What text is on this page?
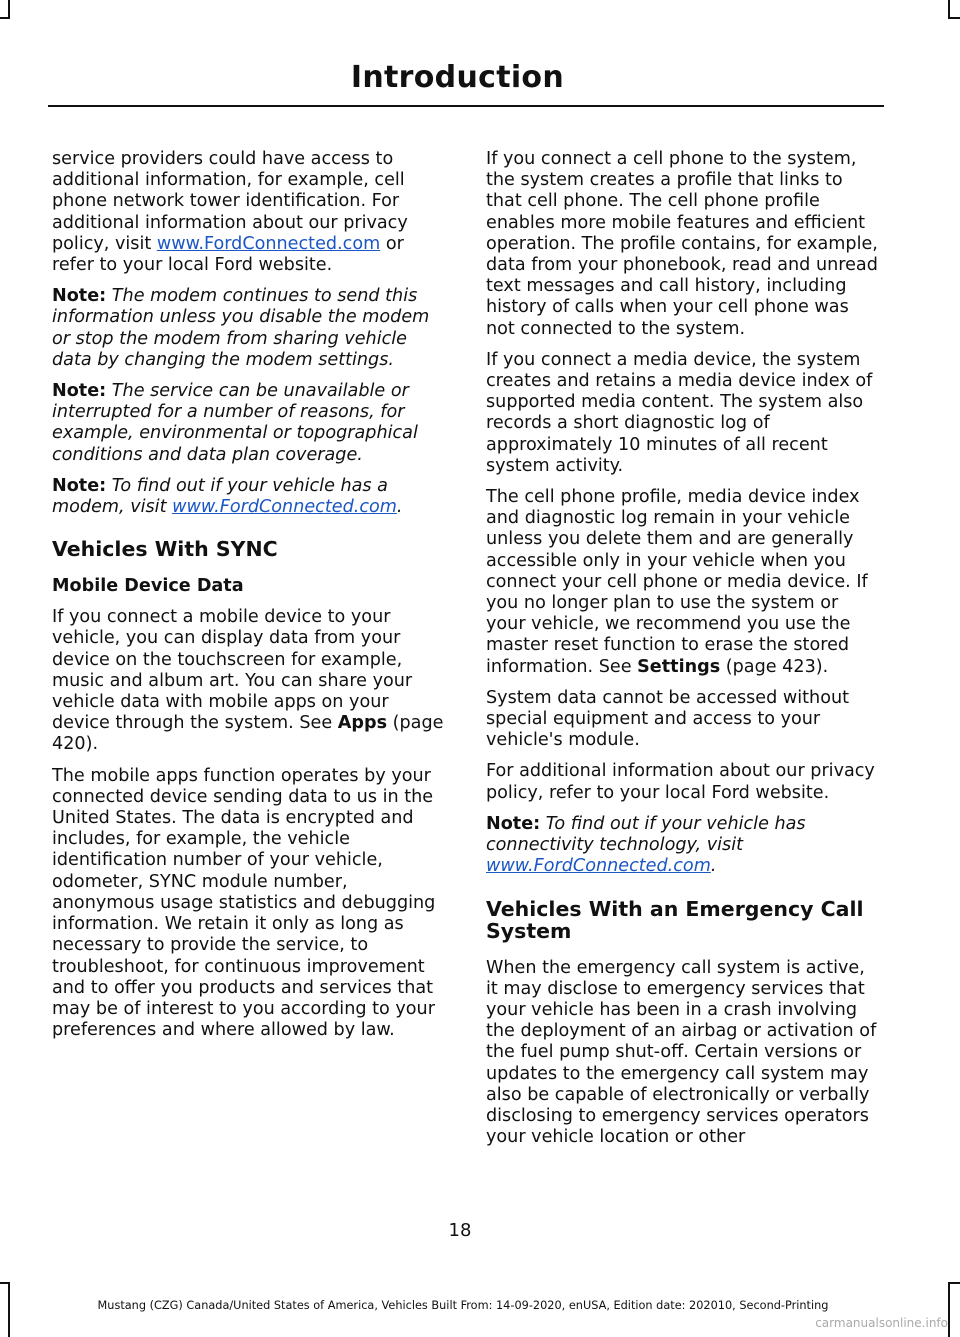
Introduction

service providers could have access to additional information, for example, cell phone network tower identification. For additional information about our privacy policy, visit www.FordConnected.com or refer to your local Ford website.

Note: The modem continues to send this information unless you disable the modem or stop the modem from sharing vehicle data by changing the modem settings.

Note: The service can be unavailable or interrupted for a number of reasons, for example, environmental or topographical conditions and data plan coverage.

Note: To find out if your vehicle has a modem, visit www.FordConnected.com.

Vehicles With SYNC
Mobile Device Data

If you connect a mobile device to your vehicle, you can display data from your device on the touchscreen for example, music and album art. You can share your vehicle data with mobile apps on your device through the system. See Apps (page 420).

The mobile apps function operates by your connected device sending data to us in the United States. The data is encrypted and includes, for example, the vehicle identification number of your vehicle, odometer, SYNC module number, anonymous usage statistics and debugging information. We retain it only as long as necessary to provide the service, to troubleshoot, for continuous improvement and to offer you products and services that may be of interest to you according to your preferences and where allowed by law.

If you connect a cell phone to the system, the system creates a profile that links to that cell phone. The cell phone profile enables more mobile features and efficient operation. The profile contains, for example, data from your phonebook, read and unread text messages and call history, including history of calls when your cell phone was not connected to the system.

If you connect a media device, the system creates and retains a media device index of supported media content. The system also records a short diagnostic log of approximately 10 minutes of all recent system activity.

The cell phone profile, media device index and diagnostic log remain in your vehicle unless you delete them and are generally accessible only in your vehicle when you connect your cell phone or media device. If you no longer plan to use the system or your vehicle, we recommend you use the master reset function to erase the stored information. See Settings (page 423).

System data cannot be accessed without special equipment and access to your vehicle's module.

For additional information about our privacy policy, refer to your local Ford website.

Note: To find out if your vehicle has connectivity technology, visit www.FordConnected.com.

Vehicles With an Emergency Call System

When the emergency call system is active, it may disclose to emergency services that your vehicle has been in a crash involving the deployment of an airbag or activation of the fuel pump shut-off. Certain versions or updates to the emergency call system may also be capable of electronically or verbally disclosing to emergency services operators your vehicle location or other

18
Mustang (CZG) Canada/United States of America, Vehicles Built From: 14-09-2020, enUSA, Edition date: 202010, Second-Printing
carmanualsonline.info
